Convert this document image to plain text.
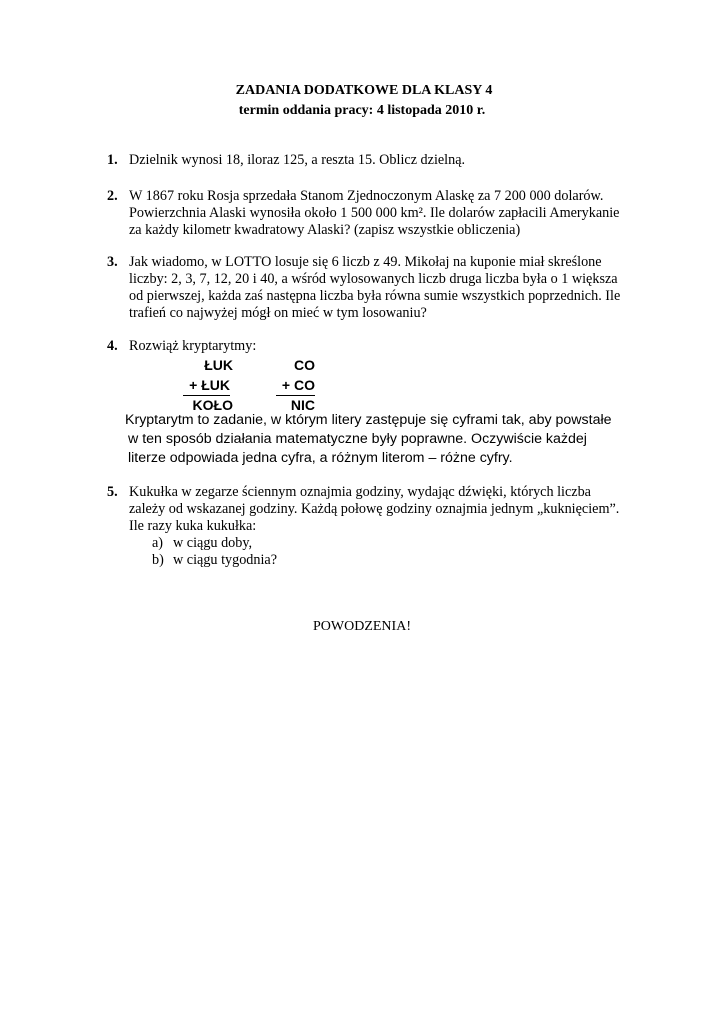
ZADANIA DODATKOWE DLA KLASY 4
termin oddania pracy: 4 listopada 2010 r.
1. Dzielnik wynosi 18, iloraz 125, a reszta 15. Oblicz dzielną.
2. W 1867 roku Rosja sprzedała Stanom Zjednoczonym Alaskę za 7 200 000 dolarów.
Powierzchnia Alaski wynosiła około 1 500 000 km². Ile dolarów zapłacili Amerykanie
za każdy kilometr kwadratowy Alaski? (zapisz wszystkie obliczenia)
3. Jak wiadomo, w LOTTO losuje się 6 liczb z 49. Mikołaj na kuponie miał skreślone
liczby: 2, 3, 7, 12, 20 i 40, a wśród wylosowanych liczb druga liczba była o 1 większa
od pierwszej, każda zaś następna liczba była równa sumie wszystkich poprzednich. Ile
trafień co najwyżej mógł on mieć w tym losowaniu?
4. Rozwiąż kryptarytmy:
ŁUK
+ ŁUK
KOŁO
CO
+ CO
NIC
Kryptarytm to zadanie, w którym litery zastępuje się cyframi tak, aby powstałe
w ten sposób działania matematyczne były poprawne. Oczywiście każdej
literze odpowiada jedna cyfra, a różnym literom – różne cyfry.
5. Kukułka w zegarze ściennym oznajmia godziny, wydając dźwięki, których liczba
zależy od wskazanej godziny. Każdą połowę godziny oznajmia jednym „kuknięciem”.
Ile razy kuka kukułka:
a) w ciągu doby,
b) w ciągu tygodnia?
POWODZENIA!
